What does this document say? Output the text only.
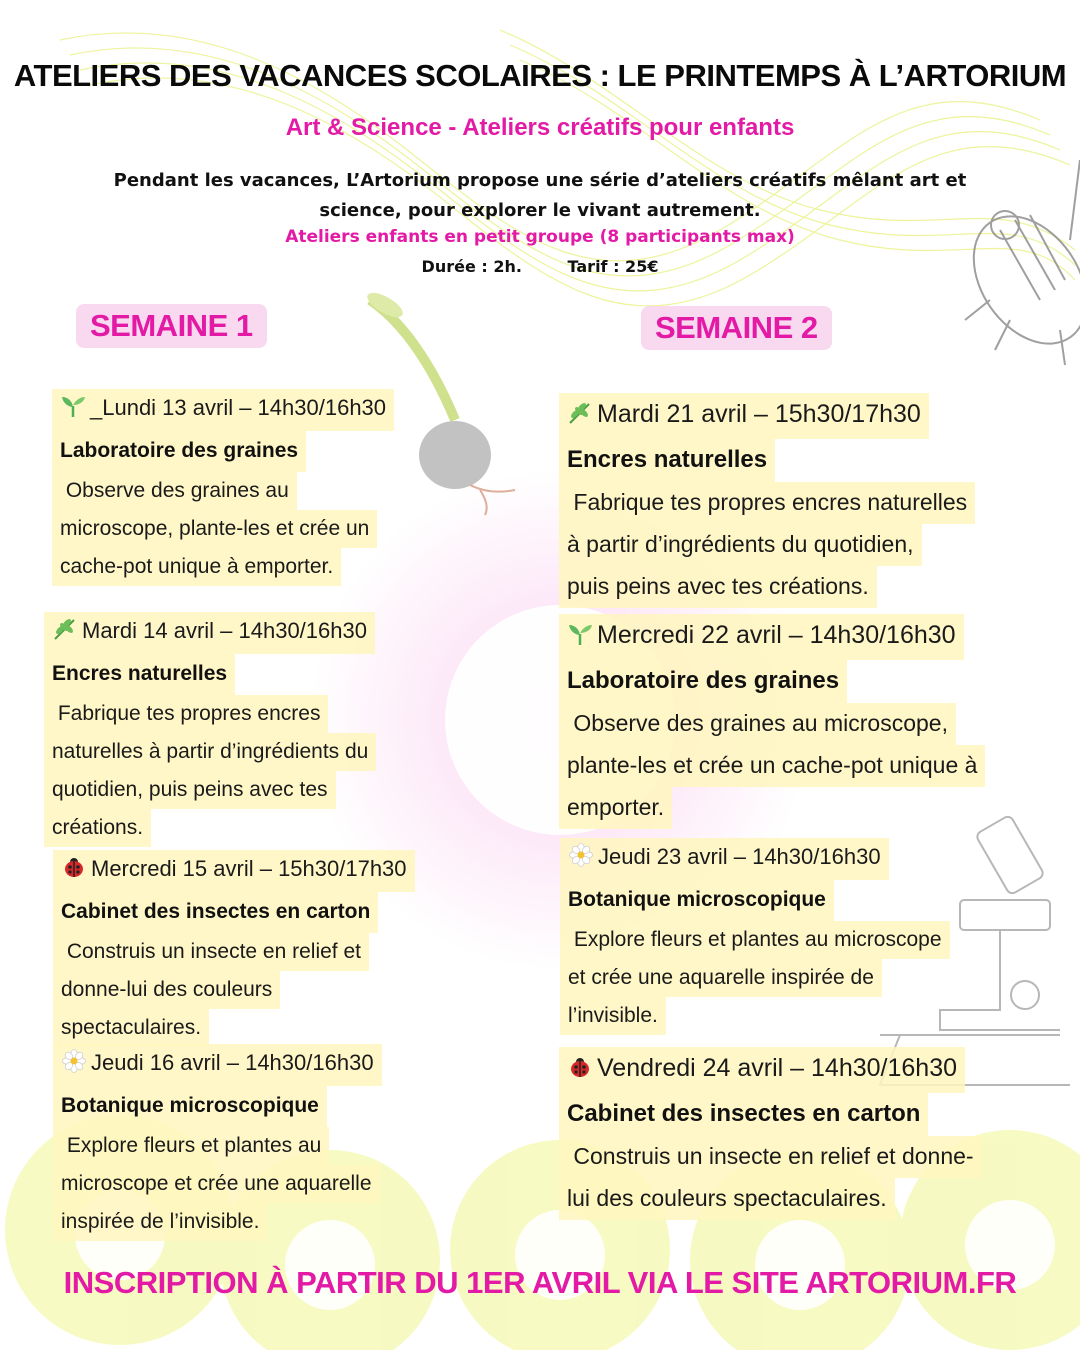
ATELIERS DES VACANCES SCOLAIRES : LE PRINTEMPS À L’ARTORIUM
Art & Science - Ateliers créatifs pour enfants
Pendant les vacances, L’Artorium propose une série d’ateliers créatifs mêlant art et
science, pour explorer le vivant autrement.
Ateliers enfants en petit groupe (8 participants max)
Durée : 2h.	Tarif : 25€
SEMAINE 1	SEMAINE 2
_Lundi 13 avril – 14h30/16h30
Laboratoire des graines
Observe des graines au
microscope, plante-les et crée un
cache-pot unique à emporter.
Mardi 14 avril – 14h30/16h30
Encres naturelles
Fabrique tes propres encres
naturelles à partir d’ingrédients du
quotidien, puis peins avec tes
créations.
Mercredi 15 avril – 15h30/17h30
Cabinet des insectes en carton
Construis un insecte en relief et
donne-lui des couleurs
spectaculaires.
Jeudi 16 avril – 14h30/16h30
Botanique microscopique
Explore fleurs et plantes au
microscope et crée une aquarelle
inspirée de l’invisible.
Mardi 21 avril – 15h30/17h30
Encres naturelles
Fabrique tes propres encres naturelles
à partir d’ingrédients du quotidien,
puis peins avec tes créations.
Mercredi 22 avril – 14h30/16h30
Laboratoire des graines
Observe des graines au microscope,
plante-les et crée un cache-pot unique à
emporter.
Jeudi 23 avril – 14h30/16h30
Botanique microscopique
Explore fleurs et plantes au microscope
et crée une aquarelle inspirée de
l’invisible.
Vendredi 24 avril – 14h30/16h30
Cabinet des insectes en carton
Construis un insecte en relief et donne-
lui des couleurs spectaculaires.
INSCRIPTION À PARTIR DU 1ER AVRIL VIA LE SITE ARTORIUM.FR
